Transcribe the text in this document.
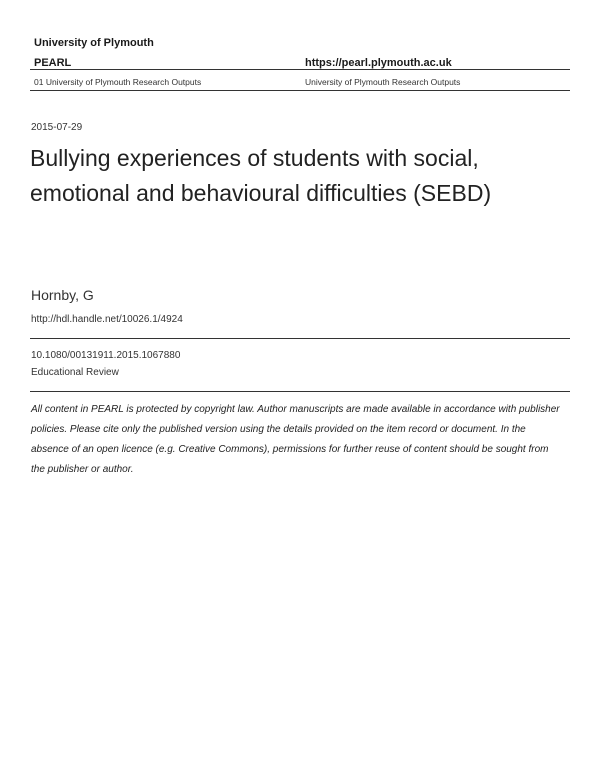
University of Plymouth
PEARL	https://pearl.plymouth.ac.uk
01 University of Plymouth Research Outputs	University of Plymouth Research Outputs
2015-07-29
Bullying experiences of students with social, emotional and behavioural difficulties (SEBD)
Hornby, G
http://hdl.handle.net/10026.1/4924
10.1080/00131911.2015.1067880
Educational Review
All content in PEARL is protected by copyright law. Author manuscripts are made available in accordance with publisher policies. Please cite only the published version using the details provided on the item record or document. In the absence of an open licence (e.g. Creative Commons), permissions for further reuse of content should be sought from the publisher or author.
